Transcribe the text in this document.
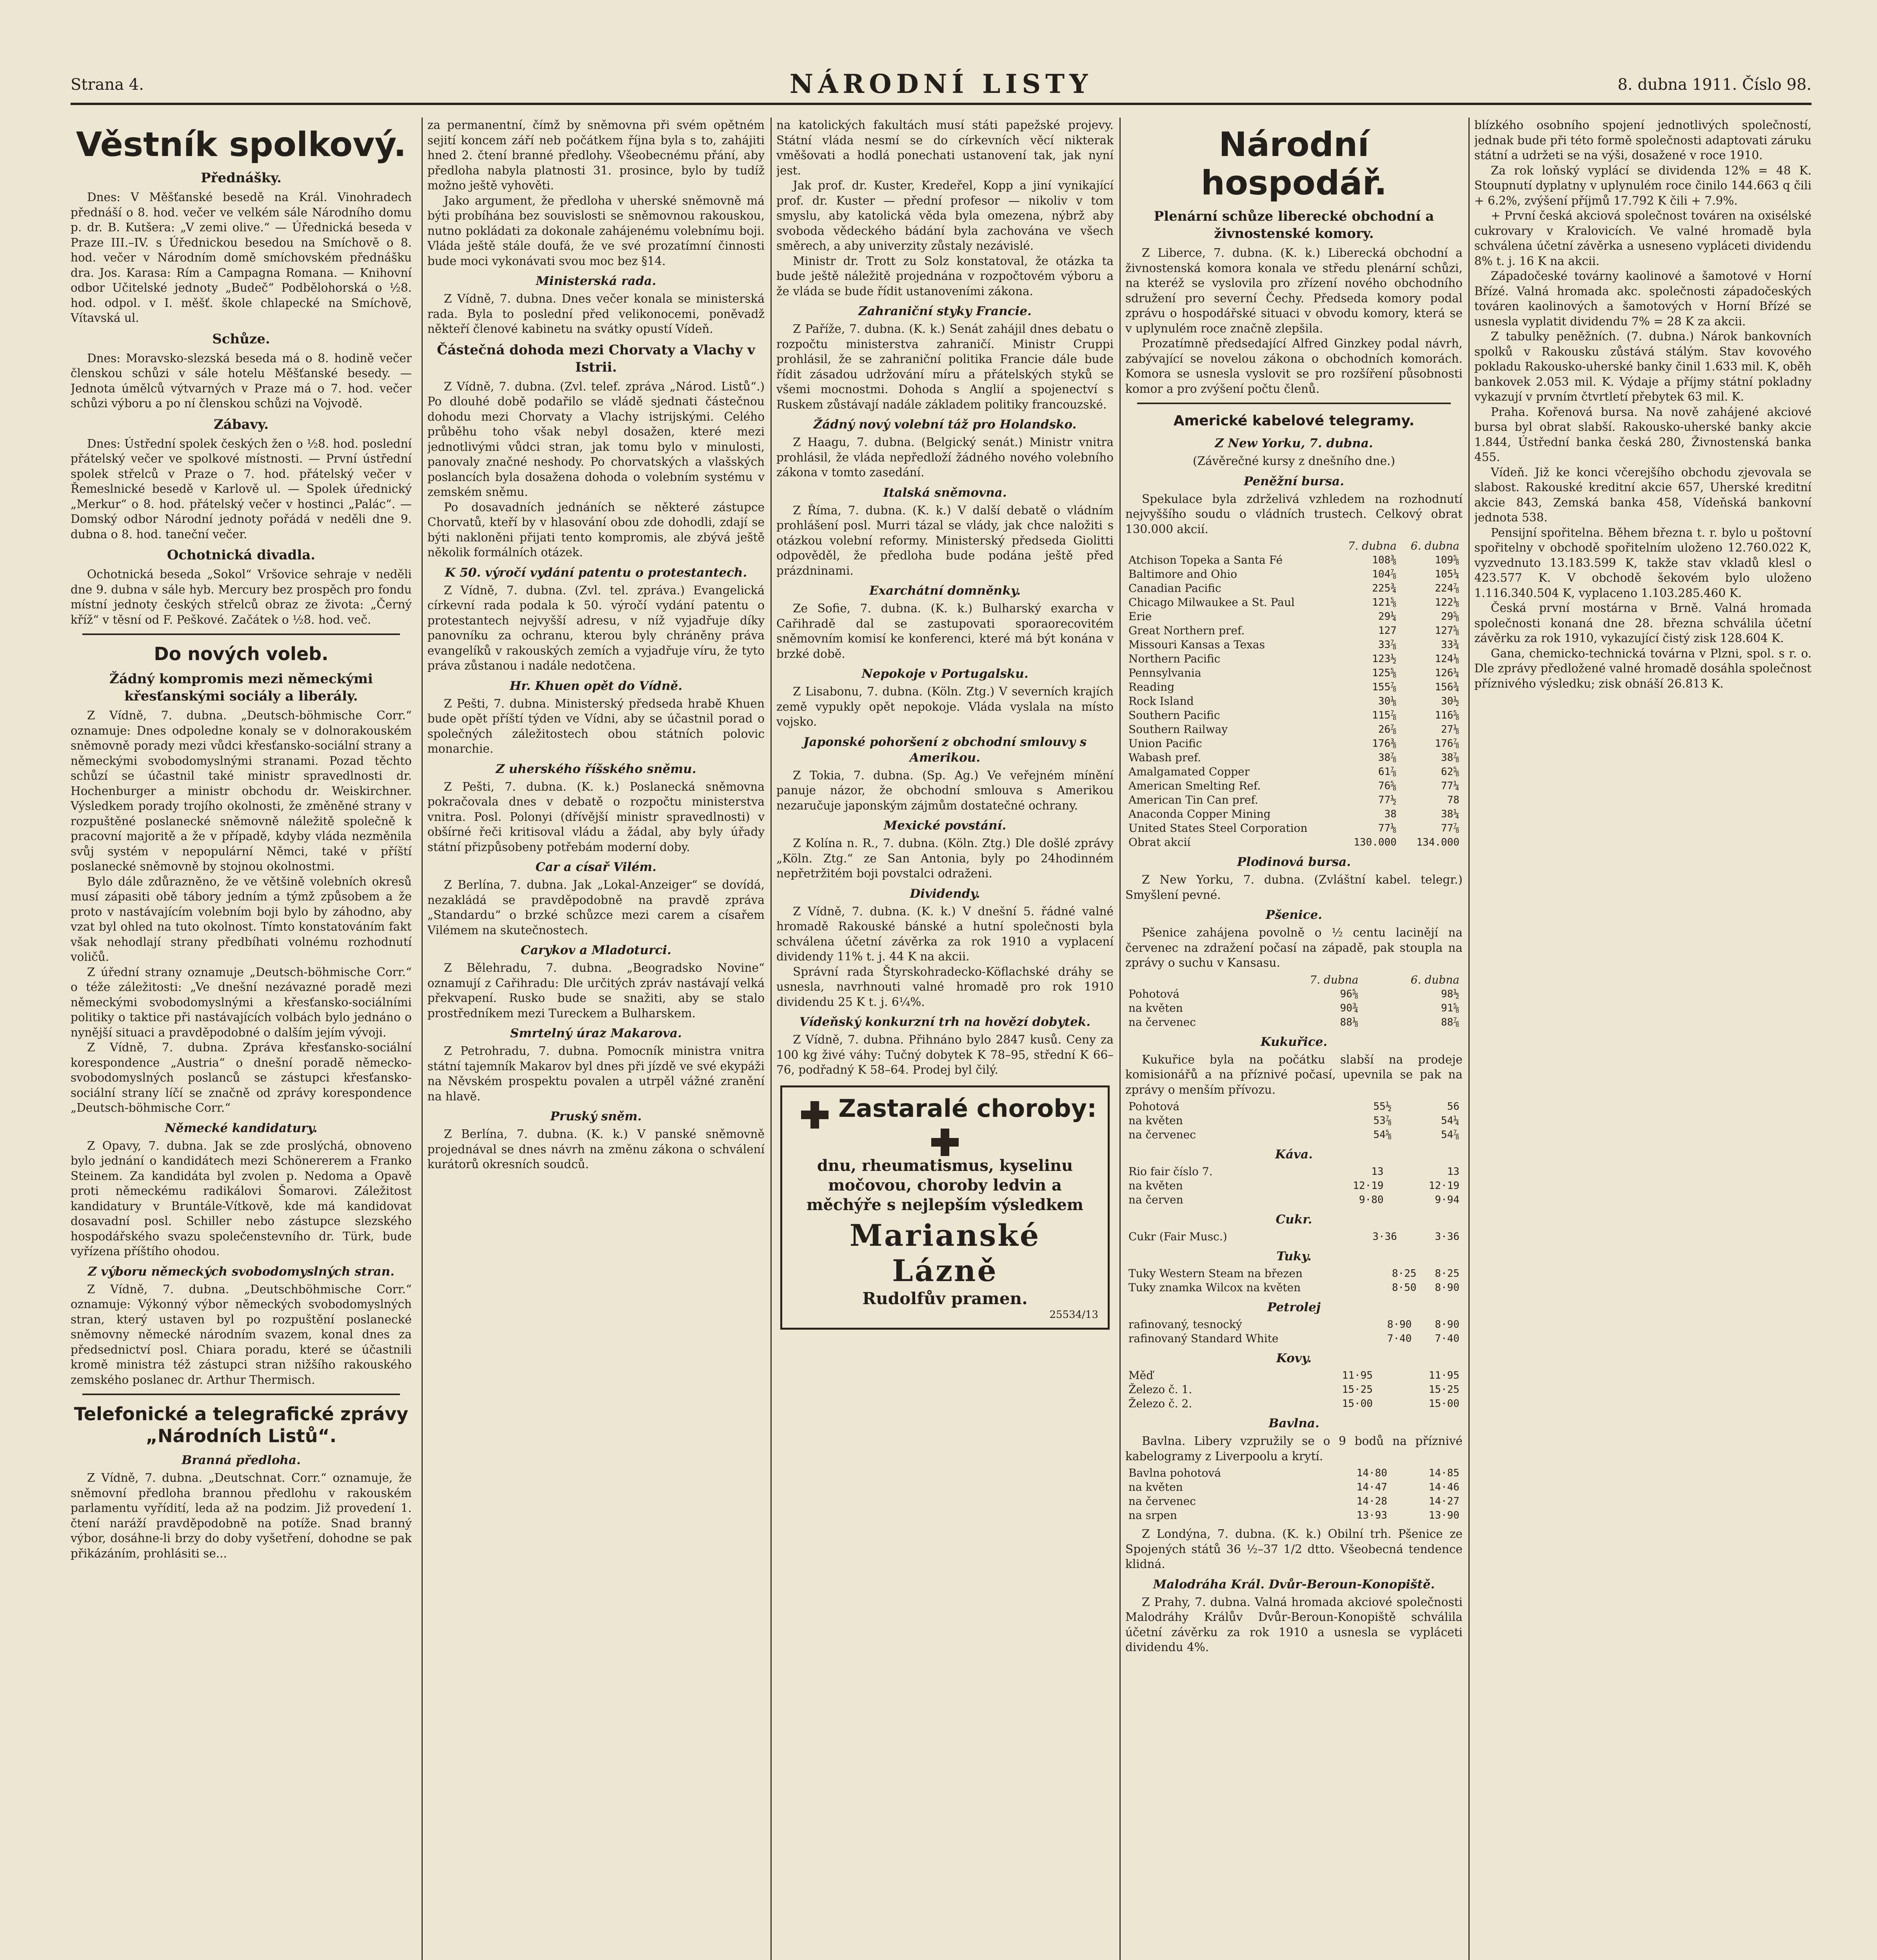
Strana 4.	NÁRODNÍ LISTY	8. dubna 1911. Číslo 98.
Věstník spolkový.
Přednášky.

Dnes: V Měšťanské besedě na Král. Vinohradech přednáší o 8. hod. večer ve velkém sále Národního domu p. dr. B. Kutšera: „V zemi olive.“ — Úřednická beseda v Praze III.–IV. s Úřednickou besedou na Smíchově o 8. hod. večer v Národním domě smíchovském přednášku dra. Jos. Karasa: Rím a Campagna Romana. — Knihovní odbor Učitelské jednoty „Budeč“ Podbělohorská o ½8. hod. odpol. v I. měšť. škole chlapecké na Smíchově, Vítavská ul.

Schůze.

Dnes: Moravsko-slezská beseda má o 8. hodině večer členskou schůzi v sále hotelu Měšťanské besedy. — Jednota úmělců výtvarných v Praze má o 7. hod. večer schůzi výboru a po ní členskou schůzi na Vojvodě.

Zábavy.

Dnes: Ústřední spolek českých žen o ½8. hod. poslední přátelský večer ve spolkové místnosti. — První ústřední spolek střelců v Praze o 7. hod. přátelský večer v Řemeslnické besedě v Karlově ul. — Spolek úřednický „Merkur“ o 8. hod. přátelský večer v hostinci „Palác“. — Domský odbor Národní jednoty pořádá v neděli dne 9. dubna o 8. hod. taneční večer.

Ochotnická divadla.

Ochotnická beseda „Sokol“ Vršovice sehraje v neděli dne 9. dubna v sále hyb. Mercury bez prospěch pro fondu místní jednoty českých střelců obraz ze života: „Černý kříž“ v těsní od F. Peškové. Začátek o ½8. hod. več.

Do nových voleb.
Žádný kompromis mezi německými křesťanskými sociály a liberály.

Z Vídně, 7. dubna. „Deutsch-böhmische Corr.“ oznamuje: Dnes odpoledne konaly se v dolnorakouském sněmovně porady mezi vůdci křesťansko-sociální strany a německými svobodomyslnými stranami. Pozad těchto schůzí se účastnil také ministr spravedlnosti dr. Hochenburger a ministr obchodu dr. Weiskirchner. Výsledkem porady trojího okolnosti, že změněné strany v rozpuštěné poslanecké sněmovně náležitě společně k pracovní majoritě a že v případě, kdyby vláda nezměnila svůj systém v nepopulární Němci, také v příští poslanecké sněmovně by stojnou okolnostmi.

Bylo dále zdůrazněno, že ve většině volebních okresů musí zápasiti obě tábory jedním a týmž způsobem a že proto v nastávajícím volebním boji bylo by záhodno, aby vzat byl ohled na tuto okolnost. Tímto konstatováním fakt však nehodlají strany předbíhati volnému rozhodnutí voličů.

Z úřední strany oznamuje „Deutsch-böhmische Corr.“ o téže záležitosti: „Ve dnešní nezávazné poradě mezi německými svobodomyslnými a křesťansko-sociálními politiky o taktice při nastávajících volbách bylo jednáno o nynější situaci a pravděpodobné o dalším jejím vývoji.

Z Vídně, 7. dubna. Zpráva křesťansko-sociální korespondence „Austria“ o dnešní poradě německo-svobodomyslných poslanců se zástupci křesťansko-sociální strany líčí se značně od zprávy korespondence „Deutsch-böhmische Corr.“

Německé kandidatury.

Z Opavy, 7. dubna. Jak se zde proslýchá, obnoveno bylo jednání o kandidátech mezi Schönererem a Franko Steinem. Za kandidáta byl zvolen p. Nedoma a Opavě proti německému radikálovi Šomarovi. Záležitost kandidatury v Bruntále-Vítkově, kde má kandidovat dosavadní posl. Schiller nebo zástupce slezského hospodářského svazu společenstevního dr. Türk, bude vyřízena příštího ohodou.

Z výboru německých svobodomyslných stran.

Z Vídně, 7. dubna. „Deutschböhmische Corr.“ oznamuje: Výkonný výbor německých svobodomyslných stran, který ustaven byl po rozpuštění poslanecké sněmovny německé národním svazem, konal dnes za předsednictví posl. Chiara poradu, které se účastnili kromě ministra též zástupci stran nižšího rakouského zemského poslanec dr. Arthur Thermisch.

Telefonické a telegrafické zprávy „Národních Listů“.
Branná předloha.

Z Vídně, 7. dubna. „Deutschnat. Corr.“ oznamuje, že sněmovní předloha brannou předlohu v rakouském parlamentu vyřídití, leda až na podzim. Již provedení 1. čtení naráží pravděpodobně na potíže. Snad branný výbor, dosáhne-li brzy do doby vyšetření, dohodne se pak přikázáním, prohlásiti se...

za permanentní, čímž by sněmovna při svém opětném sejití koncem září neb počátkem října byla s to, zahájiti hned 2. čtení branné předlohy. Všeobecnému přání, aby předloha nabyla platnosti 31. prosince, bylo by tudíž možno ještě vyhověti.

Jako argument, že předloha v uherské sněmovně má býti probíhána bez souvislosti se sněmovnou rakouskou, nutno pokládati za dokonale zahájenému volebnímu boji. Vláda ještě stále doufá, že ve své prozatímní činnosti bude moci vykonávati svou moc bez §14.

Ministerská rada.

Z Vídně, 7. dubna. Dnes večer konala se ministerská rada. Byla to poslední před velikonocemi, poněvadž někteří členové kabinetu na svátky opustí Vídeň.

Částečná dohoda mezi Chorvaty a Vlachy v Istrii.

Z Vídně, 7. dubna. (Zvl. telef. zpráva „Národ. Listů“.) Po dlouhé době podařilo se vládě sjednati částečnou dohodu mezi Chorvaty a Vlachy istrijskými. Celého průběhu toho však nebyl dosažen, které mezi jednotlivými vůdci stran, jak tomu bylo v minulosti, panovaly značné neshody. Po chorvatských a vlašských poslancích byla dosažena dohoda o volebním systému v zemském sněmu.

Po dosavadních jednáních se některé zástupce Chorvatů, kteří by v hlasování obou zde dohodli, zdají se býti nakloněni přijati tento kompromis, ale zbývá ještě několik formálních otázek.

K 50. výročí vydání patentu o protestantech.

Z Vídně, 7. dubna. (Zvl. tel. zpráva.) Evangelická církevní rada podala k 50. výročí vydání patentu o protestantech nejvyšší adresu, v níž vyjadřuje díky panovníku za ochranu, kterou byly chráněny práva evangelíků v rakouských zemích a vyjadřuje víru, že tyto práva zůstanou i nadále nedotčena.

Hr. Khuen opět do Vídně.

Z Pešti, 7. dubna. Ministerský předseda hrabě Khuen bude opět příští týden ve Vídni, aby se účastnil porad o společných záležitostech obou státních polovic monarchie.

Z uherského říšského sněmu.

Z Pešti, 7. dubna. (K. k.) Poslanecká sněmovna pokračovala dnes v debatě o rozpočtu ministerstva vnitra. Posl. Polonyi (dřívější ministr spravedlnosti) v obšírné řeči kritisoval vládu a žádal, aby byly úřady státní přizpůsobeny potřebám moderní doby.

Car a císař Vilém.

Z Berlína, 7. dubna. Jak „Lokal-Anzeiger“ se dovídá, nezakládá se pravděpodobně na pravdě zpráva „Standardu“ o brzké schůzce mezi carem a císařem Vilémem na skutečnostech.

Carykov a Mladoturci.

Z Bělehradu, 7. dubna. „Beogradsko Novine“ oznamují z Cařihradu: Dle určitých zpráv nastávají velká překvapení. Rusko bude se snažiti, aby se stalo prostředníkem mezi Tureckem a Bulharskem.

Smrtelný úraz Makarova.

Z Petrohradu, 7. dubna. Pomocník ministra vnitra státní tajemník Makarov byl dnes při jízdě ve své ekypáži na Něvském prospektu povalen a utrpěl vážné zranění na hlavě.

Pruský sněm.

Z Berlína, 7. dubna. (K. k.) V panské sněmovně projednával se dnes návrh na změnu zákona o schválení kurátorů okresních soudců.

na katolických fakultách musí státi papežské projevy. Státní vláda nesmí se do církevních věcí nikterak vměšovati a hodlá ponechati ustanovení tak, jak nyní jest.

Jak prof. dr. Kuster, Kredeřel, Kopp a jiní vynikající prof. dr. Kuster — přední profesor — nikoliv v tom smyslu, aby katolická věda byla omezena, nýbrž aby svoboda vědeckého bádání byla zachována ve všech směrech, a aby univerzity zůstaly nezávislé.

Ministr dr. Trott zu Solz konstatoval, že otázka ta bude ještě náležitě projednána v rozpočtovém výboru a že vláda se bude řídit ustanoveními zákona.

Zahraniční styky Francie.

Z Paříže, 7. dubna. (K. k.) Senát zahájil dnes debatu o rozpočtu ministerstva zahraničí. Ministr Cruppi prohlásil, že se zahraniční politika Francie dále bude řídit zásadou udržování míru a přátelských styků se všemi mocnostmi. Dohoda s Anglií a spojenectví s Ruskem zůstávají nadále základem politiky francouzské.

Žádný nový volební táž pro Holandsko.

Z Haagu, 7. dubna. (Belgický senát.) Ministr vnitra prohlásil, že vláda nepředloží žádného nového volebního zákona v tomto zasedání.

Italská sněmovna.

Z Říma, 7. dubna. (K. k.) V další debatě o vládním prohlášení posl. Murri tázal se vlády, jak chce naložiti s otázkou volební reformy. Ministerský předseda Giolitti odpověděl, že předloha bude podána ještě před prázdninami.

Exarchátní domněnky.

Ze Sofie, 7. dubna. (K. k.) Bulharský exarcha v Cařihradě dal se zastupovati sporaorecovitém sněmovním komisí ke konferenci, které má být konána v brzké době.

Nepokoje v Portugalsku.

Z Lisabonu, 7. dubna. (Köln. Ztg.) V severních krajích země vypukly opět nepokoje. Vláda vyslala na místo vojsko.

Japonské pohoršení z obchodní smlouvy s Amerikou.

Z Tokia, 7. dubna. (Sp. Ag.) Ve veřejném mínění panuje názor, že obchodní smlouva s Amerikou nezaručuje japonským zájmům dostatečné ochrany.

Mexické povstání.

Z Kolína n. R., 7. dubna. (Köln. Ztg.) Dle došlé zprávy „Köln. Ztg.“ ze San Antonia, byly po 24hodinném nepřetržitém boji povstalci odraženi.

Dividendy.

Z Vídně, 7. dubna. (K. k.) V dnešní 5. řádné valné hromadě Rakouské bánské a hutní společnosti byla schválena účetní závěrka za rok 1910 a vyplacení dividendy 11% t. j. 44 K na akcii.

Správní rada Štyrskohradecko-Köflachské dráhy se usnesla, navrhnouti valné hromadě pro rok 1910 dividendu 25 K t. j. 6¼%.

Vídeňský konkurzní trh na hovězí dobytek.

Z Vídně, 7. dubna. Přihnáno bylo 2847 kusů. Ceny za 100 kg živé váhy: Tučný dobytek K 78–95, střední K 66–76, podřadný K 58–64. Prodej byl čilý.

Zastaralé choroby:
dnu, rheumatismus, kyselinu močovou, choroby ledvin a měchýře s nejlepším výsledkem
Marianské Lázně
Rudolfův pramen.
25534/13
Národní hospodář.
Plenární schůze liberecké obchodní a živnostenské komory.

Z Liberce, 7. dubna. (K. k.) Liberecká obchodní a živnostenská komora konala ve středu plenární schůzi, na kteréž se vyslovila pro zřízení nového obchodního sdružení pro severní Čechy. Předseda komory podal zprávu o hospodářské situaci v obvodu komory, která se v uplynulém roce značně zlepšila.

Prozatímně předsedající Alfred Ginzkey podal návrh, zabývající se novelou zákona o obchodních komorách. Komora se usnesla vyslovit se pro rozšíření působnosti komor a pro zvýšení počtu členů.

Americké kabelové telegramy.
Z New Yorku, 7. dubna.

(Závěrečné kursy z dnešního dne.)

Peněžní bursa.

Spekulace byla zdrželivá vzhledem na rozhodnutí nejvyššího soudu o vládních trustech. Celkový obrat 130.000 akcií.

	7. dubna	6. dubna
Atchison Topeka a Santa Fé	108⅜	109⅝
Baltimore and Ohio	104⅞	105¼
Canadian Pacific	225¾	224⅞
Chicago Milwaukee a St. Paul	121⅝	122⅛
Erie	29¼	29⅝
Great Northern pref.	127	127⅝
Missouri Kansas a Texas	33⅞	33¾
Northern Pacific	123½	124⅛
Pennsylvania	125⅝	126¼
Reading	155⅞	156¾
Rock Island	30⅛	30½
Southern Pacific	115⅞	116⅝
Southern Railway	26⅞	27⅛
Union Pacific	176⅜	176⅞
Wabash pref.	38⅞	38⅞
Amalgamated Copper	61⅞	62⅝
American Smelting Ref.	76⅝	77¼
American Tin Can pref.	77½	78
Anaconda Copper Mining	38	38¼
United States Steel Corporation	77⅛	77⅞
Obrat akcií	130.000	134.000
Plodinová bursa.

Z New Yorku, 7. dubna. (Zvláštní kabel. telegr.) Smyšlení pevné.

Pšenice.

Pšenice zahájena povolně o ½ centu lacinějí na červenec na zdražení počasí na západě, pak stoupla na zprávy o suchu v Kansasu.

	7. dubna	6. dubna
Pohotová	96⅝	98½
na květen	90¾	91⅝
na červenec	88⅛	88⅞
Kukuřice.

Kukuřice byla na počátku slabší na prodeje komisionářů a na příznivé počasí, upevnila se pak na zprávy o menším přívozu.

Pohotová	55½	56
na květen	53⅞	54¼
na červenec	54⅝	54⅞
Káva.
Rio fair číslo 7.	13	13
na květen	12·19	12·19
na červen	9·80	9·94
Cukr.
Cukr (Fair Musc.)	3·36	3·36
Tuky.
Tuky Western Steam na březen	8·25	8·25
Tuky znamka Wilcox na květen	8·50	8·90
Petrolej
rafinovaný, tesnocký	8·90	8·90
rafinovaný Standard White	7·40	7·40
Kovy.
Měď	11·95	11·95
Železo č. 1.	15·25	15·25
Železo č. 2.	15·00	15·00
Bavlna.

Bavlna. Libery vzpružily se o 9 bodů na příznivé kabelogramy z Liverpoolu a krytí.

Bavlna pohotová	14·80	14·85
na květen	14·47	14·46
na červenec	14·28	14·27
na srpen	13·93	13·90

Z Londýna, 7. dubna. (K. k.) Obilní trh. Pšenice ze Spojených států 36 ½–37 1/2 dtto. Všeobecná tendence klidná.

Malodráha Král. Dvůr-Beroun-Konopiště.

Z Prahy, 7. dubna. Valná hromada akciové společnosti Malodráhy Králův Dvůr-Beroun-Konopiště schválila účetní závěrku za rok 1910 a usnesla se vypláceti dividendu 4%.

blízkého osobního spojení jednotlivých společností, jednak bude při této formě společnosti adaptovati záruku státní a udržeti se na výši, dosažené v roce 1910.

Za rok loňský vyplácí se dividenda 12% = 48 K. Stoupnutí dyplatny v uplynulém roce činilo 144.663 q čili + 6.2%, zvýšení příjmů 17.792 K čili + 7.9%.

+ První česká akciová společnost továren na oxisélské cukrovary v Kralovicích. Ve valné hromadě byla schválena účetní závěrka a usneseno vypláceti dividendu 8% t. j. 16 K na akcii.

Západočeské továrny kaolinové a šamotové v Horní Břízé. Valná hromada akc. společnosti západočeských továren kaolinových a šamotových v Horní Břízé se usnesla vyplatit dividendu 7% = 28 K za akcii.

Z tabulky peněžních. (7. dubna.) Nárok bankovních spolků v Rakousku zůstává stálým. Stav kovového pokladu Rakousko-uherské banky činil 1.633 mil. K, oběh bankovek 2.053 mil. K. Výdaje a příjmy státní pokladny vykazují v prvním čtvrtletí přebytek 63 mil. K.

Praha. Kořenová bursa. Na nově zahájené akciové bursa byl obrat slabší. Rakousko-uherské banky akcie 1.844, Ústřední banka česká 280, Živnostenská banka 455.

Vídeň. Již ke konci včerejšího obchodu zjevovala se slabost. Rakouské kreditní akcie 657, Uherské kreditní akcie 843, Zemská banka 458, Vídeňská bankovní jednota 538.

Pensijní spořitelna. Během března t. r. bylo u poštovní spořitelny v obchodě spořitelním uloženo 12.760.022 K, vyzvednuto 13.183.599 K, takže stav vkladů klesl o 423.577 K. V obchodě šekovém bylo uloženo 1.116.340.504 K, vyplaceno 1.103.285.460 K.

Česká první mostárna v Brně. Valná hromada společnosti konaná dne 28. března schválila účetní závěrku za rok 1910, vykazující čistý zisk 128.604 K.

Gana, chemicko-technická továrna v Plzni, spol. s r. o. Dle zprávy předložené valné hromadě dosáhla společnost příznivého výsledku; zisk obnáší 26.813 K.
